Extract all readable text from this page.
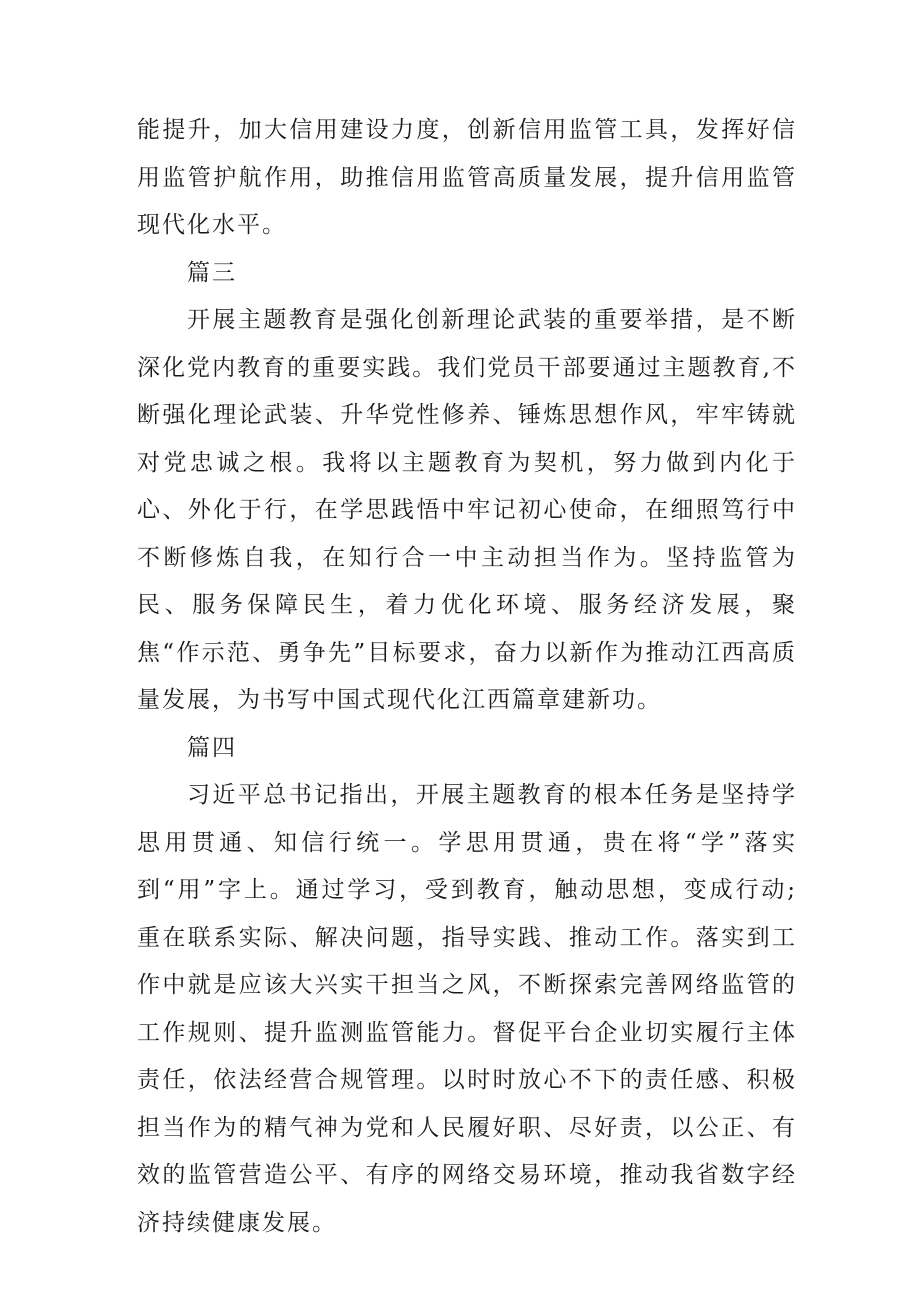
能提升，加大信用建设力度，创新信用监管工具，发挥好信用监管护航作用，助推信用监管高质量发展，提升信用监管现代化水平。

篇三

开展主题教育是强化创新理论武装的重要举措，是不断深化党内教育的重要实践。我们党员干部要通过主题教育,不断强化理论武装、升华党性修养、锤炼思想作风，牢牢铸就对党忠诚之根。我将以主题教育为契机，努力做到内化于心、外化于行，在学思践悟中牢记初心使命，在细照笃行中不断修炼自我，在知行合一中主动担当作为。坚持监管为民、服务保障民生，着力优化环境、服务经济发展，聚焦“作示范、勇争先”目标要求，奋力以新作为推动江西高质量发展，为书写中国式现代化江西篇章建新功。

篇四

习近平总书记指出，开展主题教育的根本任务是坚持学思用贯通、知信行统一。学思用贯通，贵在将“学”落实到“用”字上。通过学习，受到教育，触动思想，变成行动;重在联系实际、解决问题，指导实践、推动工作。落实到工作中就是应该大兴实干担当之风，不断探索完善网络监管的工作规则、提升监测监管能力。督促平台企业切实履行主体责任，依法经营合规管理。以时时放心不下的责任感、积极担当作为的精气神为党和人民履好职、尽好责，以公正、有效的监管营造公平、有序的网络交易环境，推动我省数字经济持续健康发展。
